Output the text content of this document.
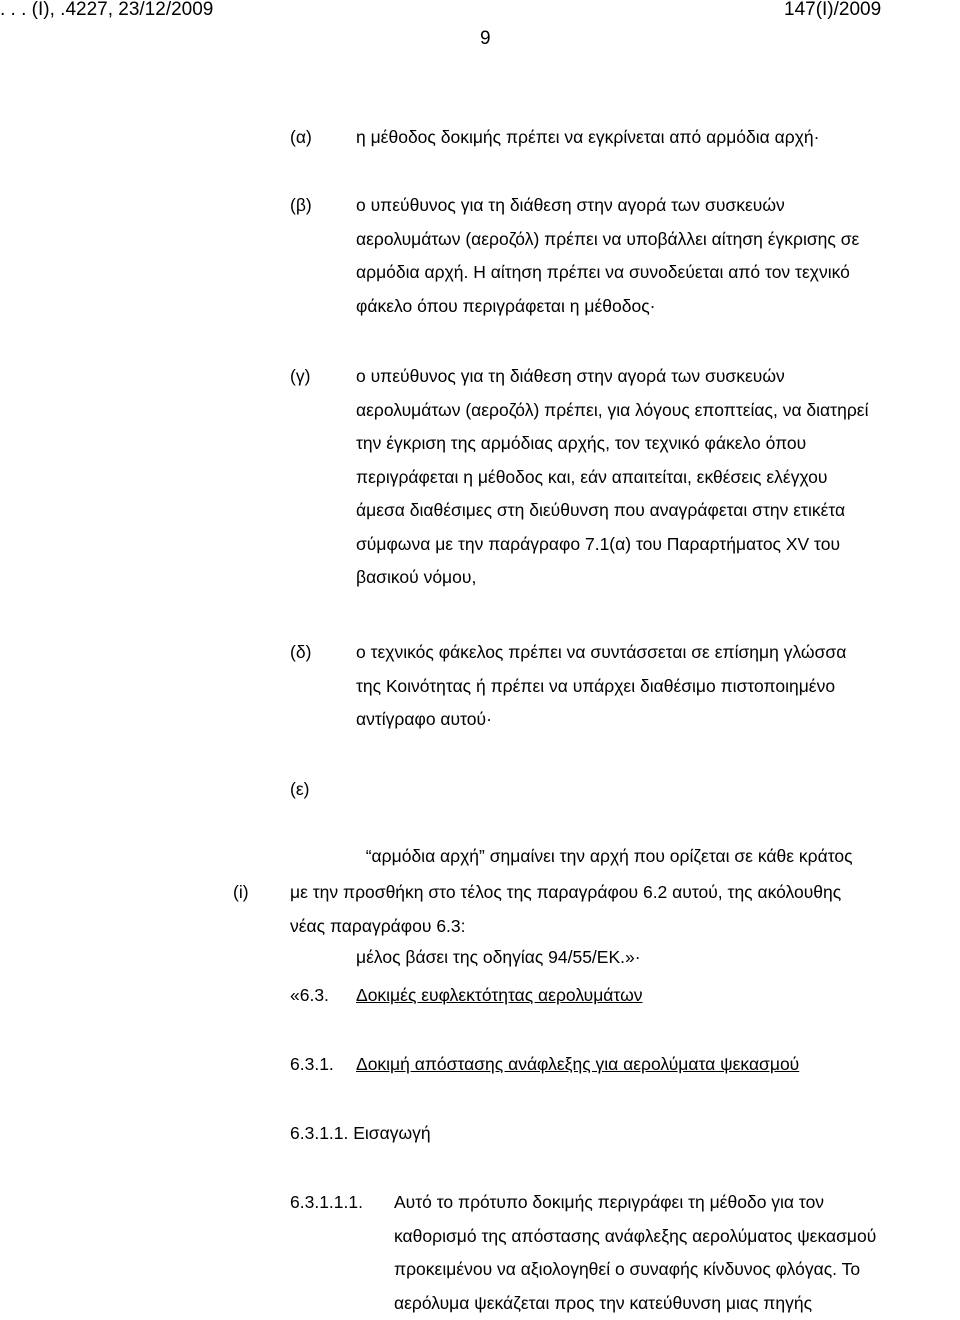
. . . (I), .4227, 23/12/2009	147(I)/2009
9
(α)	η μέθοδος δοκιμής πρέπει να εγκρίνεται από αρμόδια αρχή·
(β)	ο υπεύθυνος για τη διάθεση στην αγορά των συσκευών
αερολυμάτων (αεροζόλ) πρέπει να υποβάλλει αίτηση έγκρισης σε
αρμόδια αρχή. Η αίτηση πρέπει να συνοδεύεται από τον τεχνικό
φάκελο όπου περιγράφεται η μέθοδος·
(γ)	ο υπεύθυνος για τη διάθεση στην αγορά των συσκευών
αερολυμάτων (αεροζόλ) πρέπει, για λόγους εποπτείας, να διατηρεί
την έγκριση της αρμόδιας αρχής, τον τεχνικό φάκελο όπου
περιγράφεται η μέθοδος και, εάν απαιτείται, εκθέσεις ελέγχου
άμεσα διαθέσιμες στη διεύθυνση που αναγράφεται στην ετικέτα
σύμφωνα με την παράγραφο 7.1(α) του Παραρτήματος XV του
βασικού νόμου,
(δ)	ο τεχνικός φάκελος πρέπει να συντάσσεται σε επίσημη γλώσσα
της Κοινότητας ή πρέπει να υπάρχει διαθέσιμο πιστοποιημένο
αντίγραφο αυτού·
(ε)

“αρμόδια αρχή” σημαίνει την αρχή που ορίζεται σε κάθε κράτος

μέλος βάσει της οδηγίας 94/55/ΕΚ.»·

(i) με την προσθήκη στο τέλος της παραγράφου 6.2 αυτού, της ακόλουθης
νέας παραγράφου 6.3:
«6.3. Δοκιμές ευφλεκτότητας αερολυμάτων
6.3.1. Δοκιμή απόστασης ανάφλεξης για αερολύματα ψεκασμού
6.3.1.1. Εισαγωγή
6.3.1.1.1. Αυτό το πρότυπο δοκιμής περιγράφει τη μέθοδο για τον
καθορισμό της απόστασης ανάφλεξης αερολύματος ψεκασμού
προκειμένου να αξιολογηθεί ο συναφής κίνδυνος φλόγας. Το
αερόλυμα ψεκάζεται προς την κατεύθυνση μιας πηγής
